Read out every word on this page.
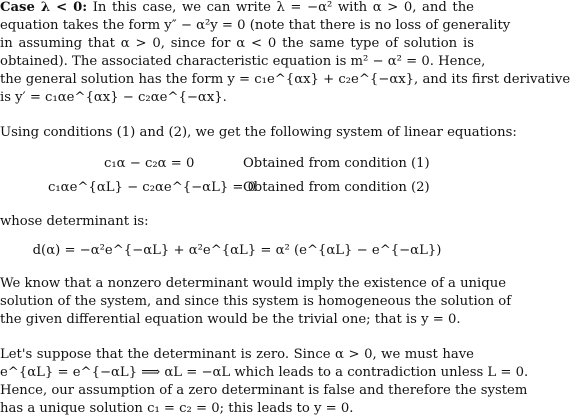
Case λ < 0: In this case, we can write λ = −α² with α > 0, and the
equation takes the form y″ − α²y = 0 (note that there is no loss of generality
in assuming that α > 0, since for α < 0 the same type of solution is
obtained). The associated characteristic equation is m² − α² = 0. Hence,
the general solution has the form y = c₁e^{αx} + c₂e^{−αx}, and its first derivative
is y′ = c₁αe^{αx} − c₂αe^{−αx}.
Using conditions (1) and (2), we get the following system of linear equations:
c₁α − c₂α = 0	Obtained from condition (1)
c₁αe^{αL} − c₂αe^{−αL} = 0
Obtained from condition (2)
whose determinant is:
d(α) = −α²e^{−αL} + α²e^{αL} = α² (e^{αL} − e^{−αL})
We know that a nonzero determinant would imply the existence of a unique
solution of the system, and since this system is homogeneous the solution of
the given differential equation would be the trivial one; that is y = 0.
Let's suppose that the determinant is zero. Since α > 0, we must have
e^{αL} = e^{−αL} ⟹ αL = −αL which leads to a contradiction unless L = 0.
Hence, our assumption of a zero determinant is false and therefore the system
has a unique solution c₁ = c₂ = 0; this leads to y = 0.
